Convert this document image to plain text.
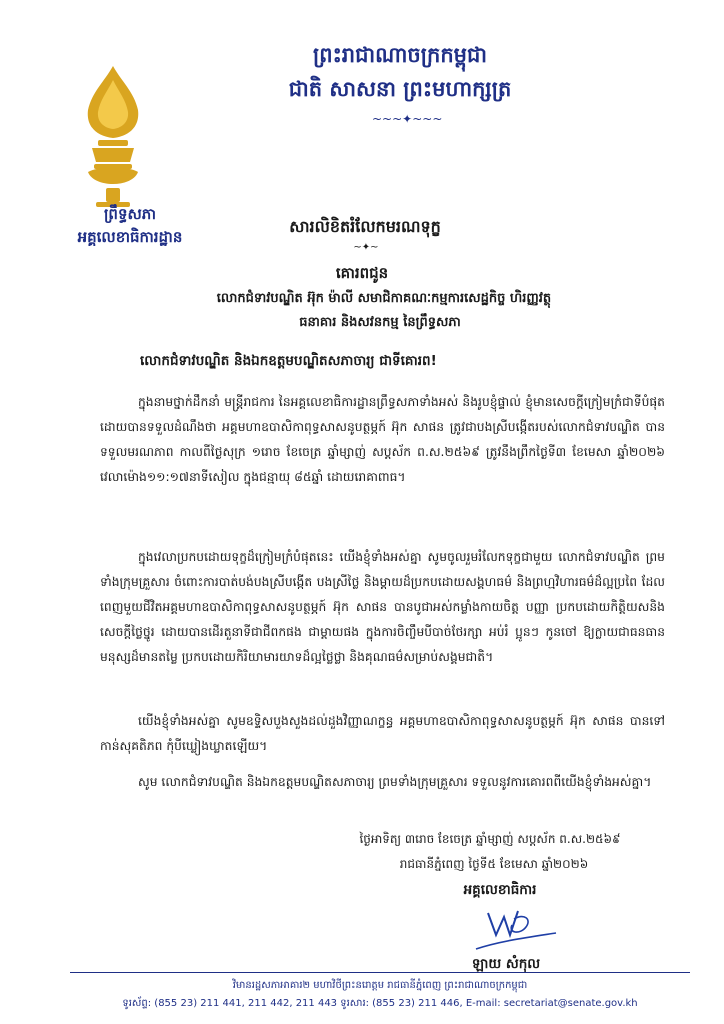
ព្រះរាជាណាចក្រកម្ពុជា
ជាតិ សាសនា ព្រះមហាក្សត្រ
~~~✦~~~
ព្រឹទ្ធសភា
អគ្គលេខាធិការដ្ឋាន
សារលិខិតរំលែកមរណទុក្ខ
~✦~
គោរពជូន
លោកជំទាវបណ្ឌិត អ៊ុក ម៉ាលី សមាជិកាគណៈកម្មការសេដ្ឋកិច្ច ហិរញ្ញវត្ថុ
ធនាគារ និងសវនកម្ម នៃព្រឹទ្ធសភា
លោកជំទាវបណ្ឌិត និងឯកឧត្តមបណ្ឌិតសភាចារ្យ ជាទីគោរព!
ក្នុងនាមថ្នាក់ដឹកនាំ មន្ត្រីរាជការ នៃអគ្គលេខាធិការដ្ឋានព្រឹទ្ធសភាទាំងអស់ និងរូបខ្ញុំផ្ទាល់ ខ្ញុំមានសេចក្តីក្រៀមក្រំជាទីបំផុតដោយបានទទួលដំណឹងថា អគ្គមហាឧបាសិកាពុទ្ធសាសនូបត្ថម្ភក៍ អ៊ុក សាផន ត្រូវជាបងស្រីបង្កើតរបស់លោកជំទាវបណ្ឌិត បានទទួលមរណភាព កាលពីថ្ងៃសុក្រ ១រោច ខែចេត្រ ឆ្នាំម្សាញ់ សប្តស័ក ព.ស.២៥៦៩ ត្រូវនឹងព្រឹកថ្ងៃទី៣ ខែមេសា ឆ្នាំ២០២៦ វេលាម៉ោង១១:១៧នាទីសៀល ក្នុងជន្មាយុ ៨៥ឆ្នាំ ដោយរោគាពាធ។
ក្នុងវេលាប្រកបដោយទុក្ខដ៏ក្រៀមក្រំបំផុតនេះ យើងខ្ញុំទាំងអស់គ្នា សូមចូលរួមរំលែកទុក្ខជាមួយ លោកជំទាវបណ្ឌិត ព្រមទាំងក្រុមគ្រួសារ ចំពោះការបាត់បង់បងស្រីបង្កើត បងស្រីថ្លៃ និងម្តាយដ៏ប្រកបដោយសង្គហធម៌ និងព្រហ្មវិហារធម៌ដ៏ល្អប្រពៃ ដែលពេញមួយជីវិតអគ្គមហាឧបាសិកាពុទ្ធសាសនូបត្ថម្ភក៍ អ៊ុក សាផន បានបូជាអស់កម្លាំងកាយចិត្ត បញ្ញា ប្រកបដោយកិត្តិយសនិងសេចក្តីថ្លៃថ្នូរ ដោយបានដើរតួនាទីជាជីពកផង ជាម្តាយផង ក្នុងការចិញ្ចឹមបីបាច់ថែរក្សា អប់រំ ប្អូនៗ កូនចៅ ឱ្យក្លាយជាធនធានមនុស្សដ៏មានតម្លៃ ប្រកបដោយកិរិយាមារយាទដ៏ល្អថ្លៃថ្លា និងគុណធម៌សម្រាប់សង្គមជាតិ។
យើងខ្ញុំទាំងអស់គ្នា សូមឧទ្ទិសបួងសួងដល់ដួងវិញ្ញាណក្ខន្ធ អគ្គមហាឧបាសិកាពុទ្ធសាសនូបត្ថម្ភក៍ អ៊ុក សាផន បានទៅកាន់សុគតិភព កុំបីឃ្លៀងឃ្លាតឡើយ។
សូម លោកជំទាវបណ្ឌិត និងឯកឧត្តមបណ្ឌិតសភាចារ្យ ព្រមទាំងក្រុមគ្រួសារ ទទួលនូវការគោរពពីយើងខ្ញុំទាំងអស់គ្នា។
ថ្ងៃអាទិត្យ ៣រោច ខែចេត្រ ឆ្នាំម្សាញ់ សប្តស័ក ព.ស.២៥៦៩
រាជធានីភ្នំពេញ ថ្ងៃទី៥ ខែមេសា ឆ្នាំ២០២៦
អគ្គលេខាធិការ
ឡាយ សំកុល
វិមានរដ្ឋសភាអាគារ២ មហាវិថីព្រះនរោត្តម រាជធានីភ្នំពេញ ព្រះរាជាណាចក្រកម្ពុជា
ទូរស័ព្ទ: (855 23) 211 441, 211 442, 211 443 ទូរសារ: (855 23) 211 446, E-mail: secretariat@senate.gov.kh
